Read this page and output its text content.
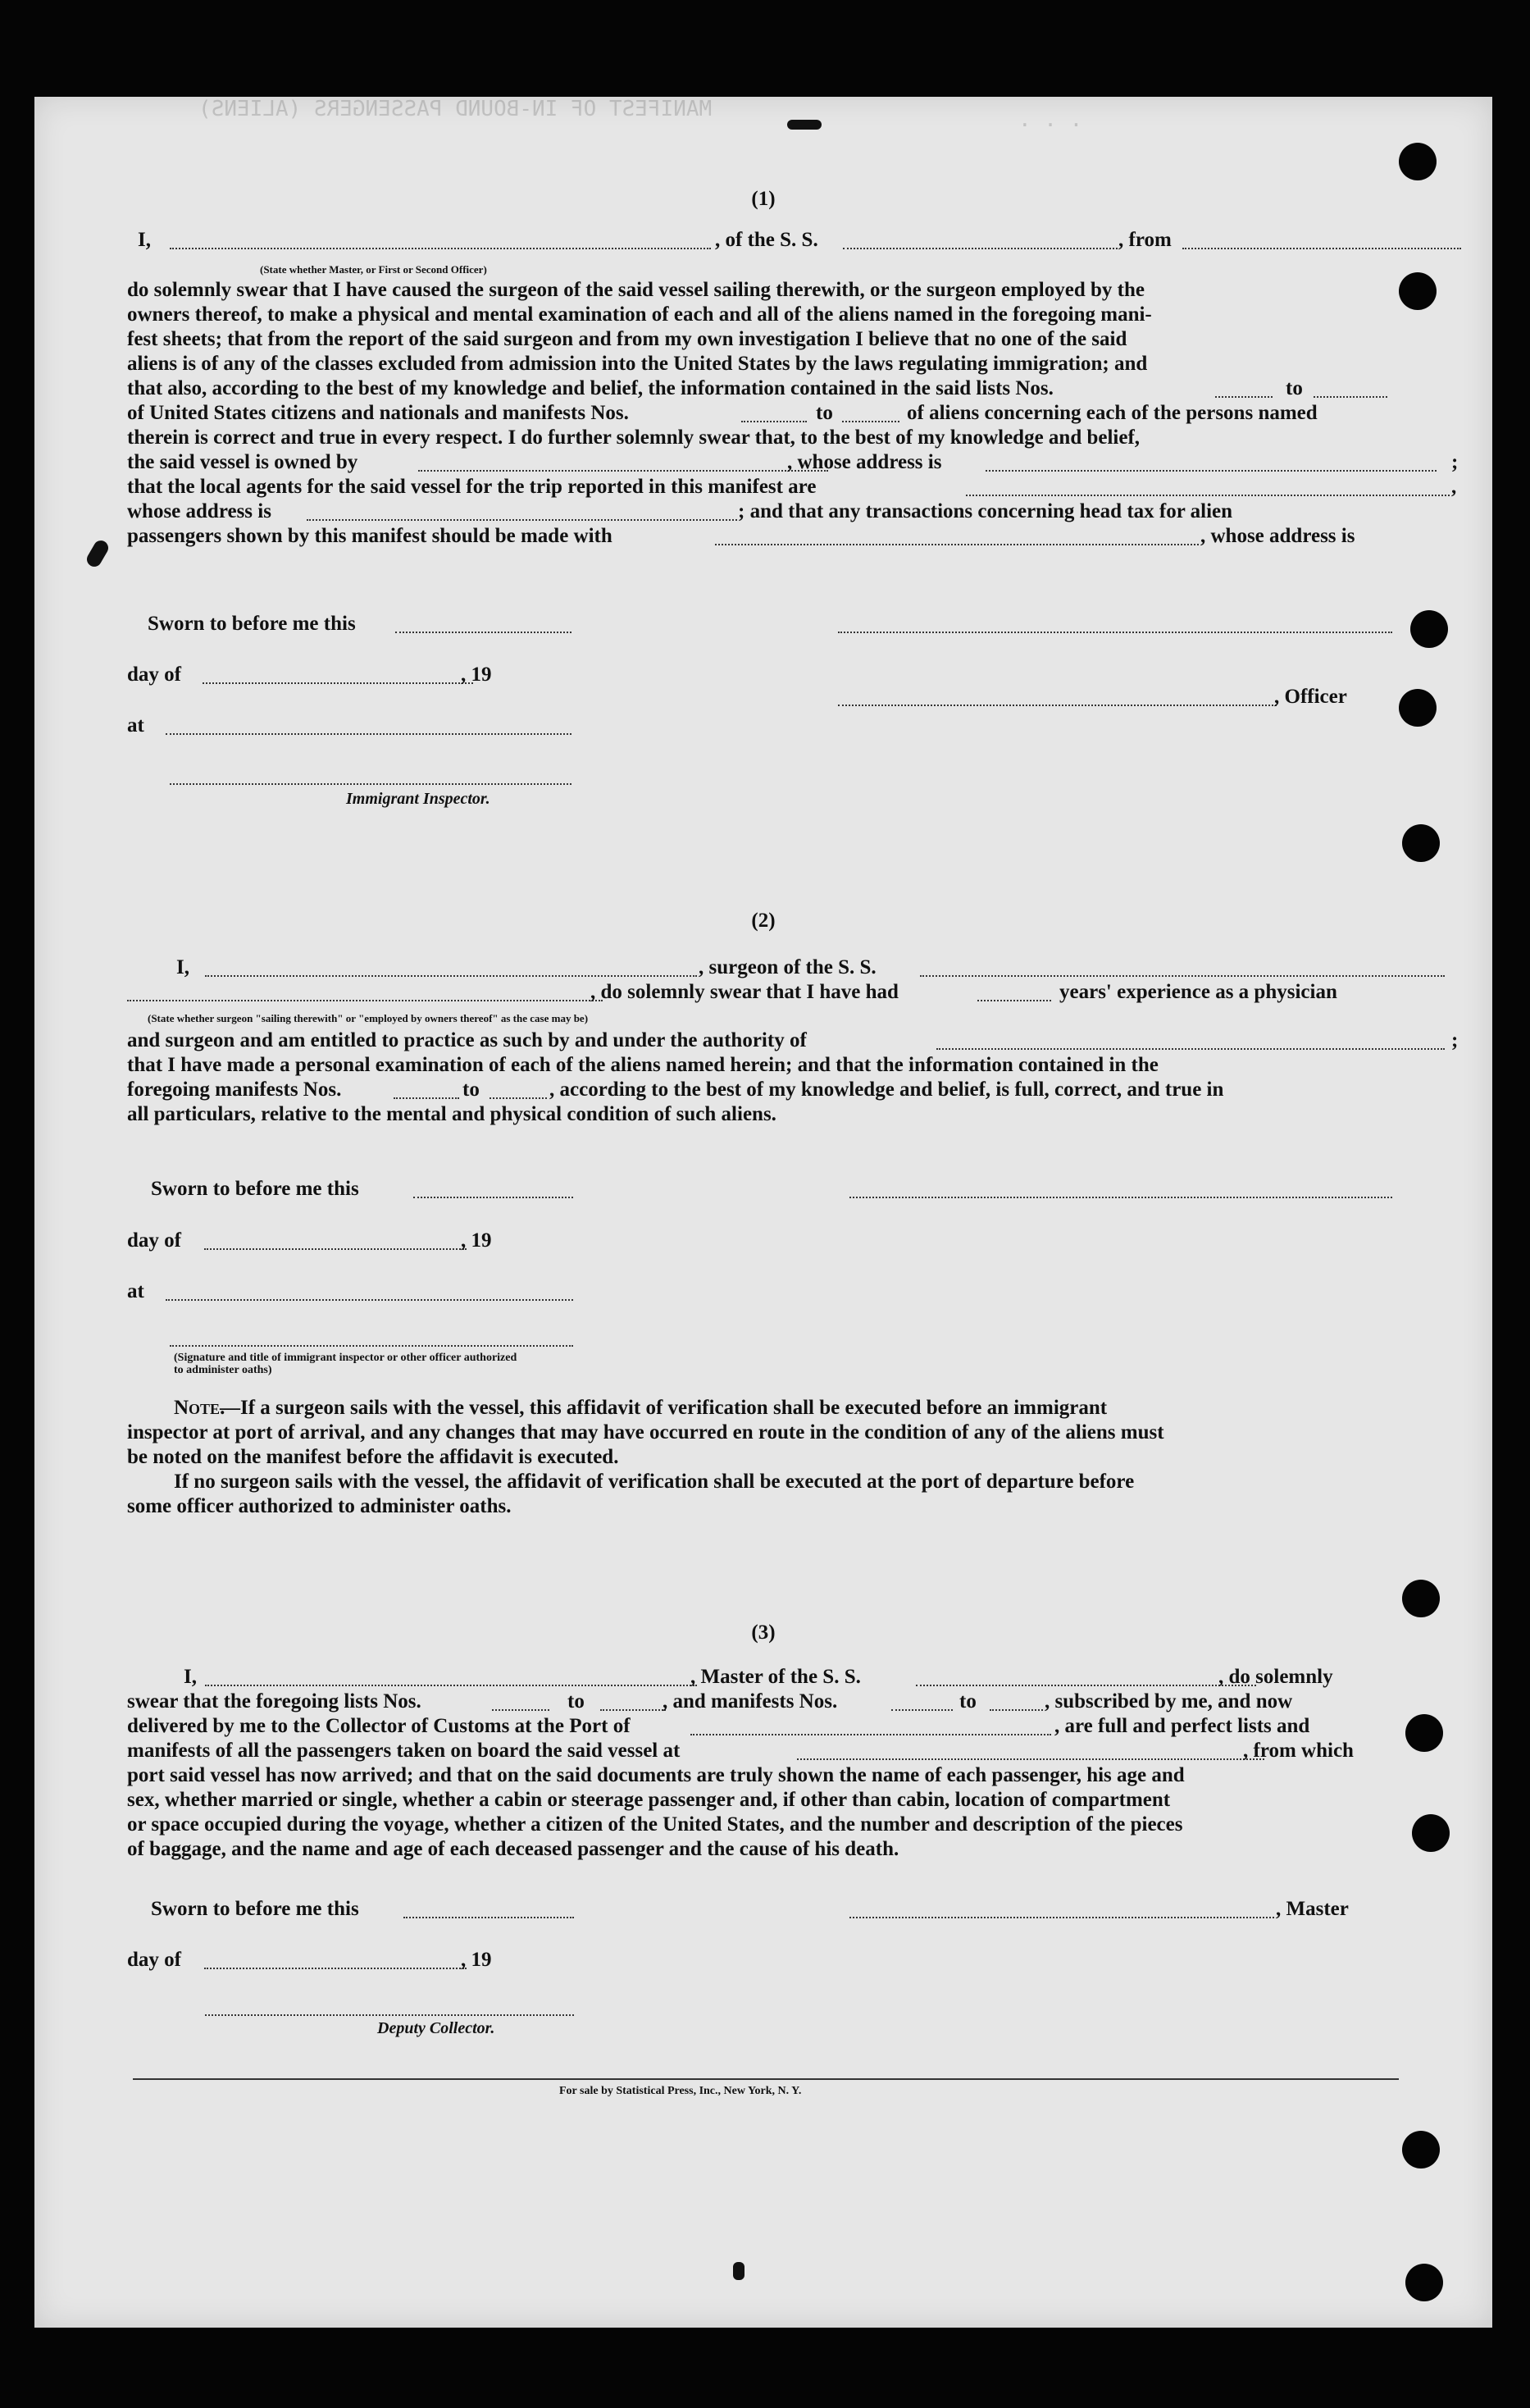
MANIFEST OF IN-BOUND PASSENGERS (ALIENS)
· · ·
(1)
I,	, of the S. S.	, from
(State whether Master, or First or Second Officer)
do solemnly swear that I have caused the surgeon of the said vessel sailing therewith, or the surgeon employed by the
owners thereof, to make a physical and mental examination of each and all of the aliens named in the foregoing mani-
fest sheets; that from the report of the said surgeon and from my own investigation I believe that no one of the said
aliens is of any of the classes excluded from admission into the United States by the laws regulating immigration; and
that also, according to the best of my knowledge and belief, the information contained in the said lists Nos.	to
of United States citizens and nationals and manifests Nos.	to	of aliens concerning each of the persons named
therein is correct and true in every respect. I do further solemnly swear that, to the best of my knowledge and belief,
the said vessel is owned by	, whose address is	;
that the local agents for the said vessel for the trip reported in this manifest are	,
whose address is	; and that any transactions concerning head tax for alien
passengers shown by this manifest should be made with	, whose address is
Sworn to before me this
day of	, 19
, Officer
at
Immigrant Inspector.
(2)
I,	, surgeon of the S. S.
, do solemnly swear that I have had	years' experience as a physician
(State whether surgeon "sailing therewith" or "employed by owners thereof" as the case may be)
and surgeon and am entitled to practice as such by and under the authority of	;
that I have made a personal examination of each of the aliens named herein; and that the information contained in the
foregoing manifests Nos.	to	, according to the best of my knowledge and belief, is full, correct, and true in
all particulars, relative to the mental and physical condition of such aliens.
Sworn to before me this
day of	, 19
at
(Signature and title of immigrant inspector or other officer authorized to administer oaths)
Note.
—If a surgeon sails with the vessel, this affidavit of verification shall be executed before an immigrant
inspector at port of arrival, and any changes that may have occurred en route in the condition of any of the aliens must
be noted on the manifest before the affidavit is executed.
If no surgeon sails with the vessel, the affidavit of verification shall be executed at the port of departure before
some officer authorized to administer oaths.
(3)
I,	, Master of the S. S.	, do solemnly
swear that the foregoing lists Nos.	to	, and manifests Nos.	to	, subscribed by me, and now
delivered by me to the Collector of Customs at the Port of	, are full and perfect lists and
manifests of all the passengers taken on board the said vessel at	, from which
port said vessel has now arrived; and that on the said documents are truly shown the name of each passenger, his age and
sex, whether married or single, whether a cabin or steerage passenger and, if other than cabin, location of compartment
or space occupied during the voyage, whether a citizen of the United States, and the number and description of the pieces
of baggage, and the name and age of each deceased passenger and the cause of his death.
Sworn to before me this	, Master
day of	, 19
Deputy Collector.
For sale by Statistical Press, Inc., New York, N. Y.
